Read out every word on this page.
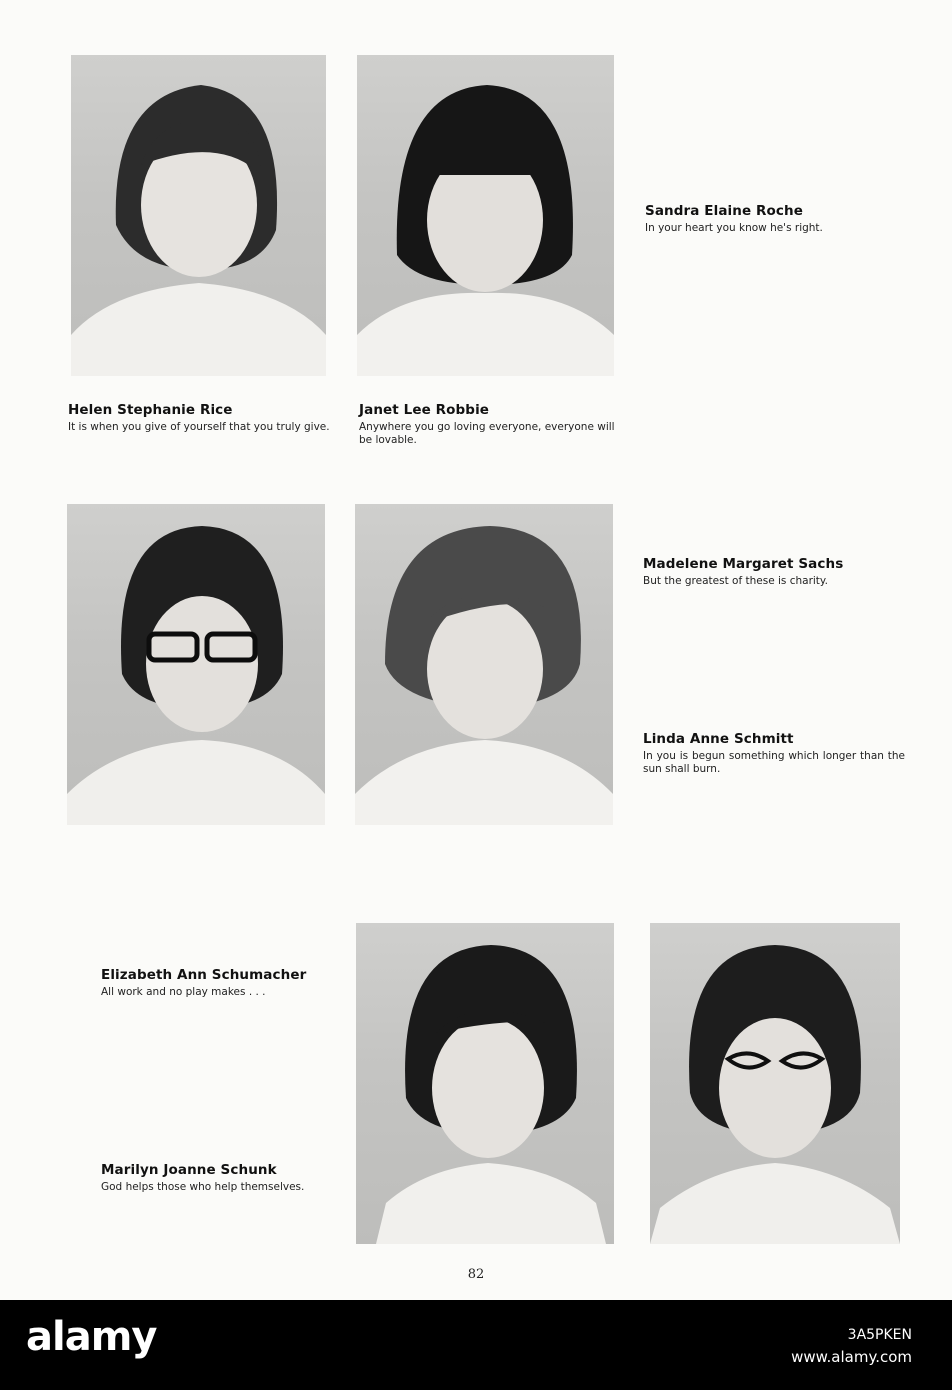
Helen Stephanie Rice

It is when you give of yourself that you truly give.

Janet Lee Robbie

Anywhere you go loving everyone, everyone will be lovable.

Sandra Elaine Roche

In your heart you know he's right.

Madelene Margaret Sachs

But the greatest of these is charity.

Linda Anne Schmitt

In you is begun something which longer than the sun shall burn.

Elizabeth Ann Schumacher

All work and no play makes . . .

Marilyn Joanne Schunk

God helps those who help themselves.

82
alamy	3A5PKEN
www.alamy.com
